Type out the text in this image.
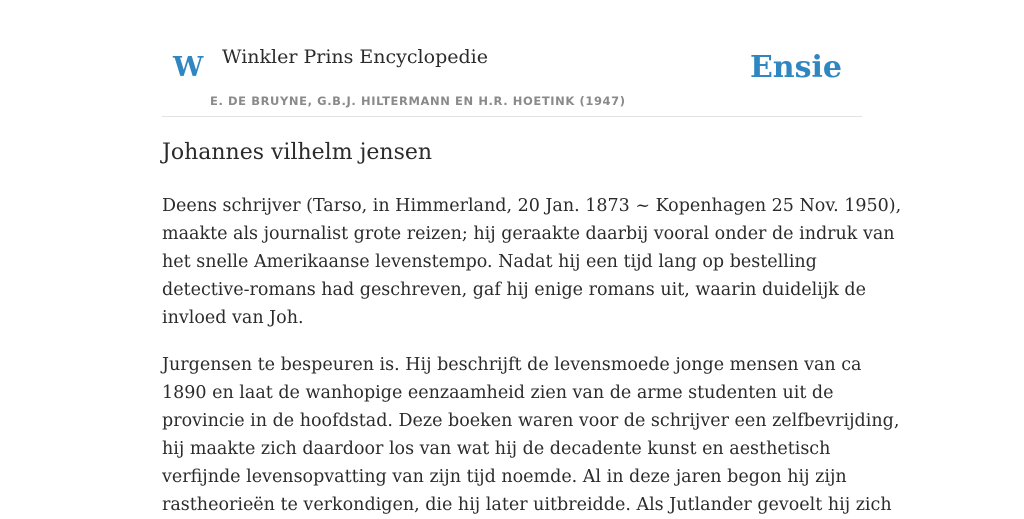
W Winkler Prins Encyclopedie
E. DE BRUYNE, G.B.J. HILTERMANN EN H.R. HOETINK (1947)
Ensie
Johannes vilhelm jensen

Deens schrijver (Tarso, in Himmerland, 20 Jan. 1873 ~ Kopenhagen 25 Nov. 1950),
maakte als journalist grote reizen; hij geraakte daarbij vooral onder de indruk van
het snelle Amerikaanse levenstempo. Nadat hij een tijd lang op bestelling
detective-romans had geschreven, gaf hij enige romans uit, waarin duidelijk de
invloed van Joh.

Jurgensen te bespeuren is. Hij beschrijft de levensmoede jonge mensen van ca
1890 en laat de wanhopige eenzaamheid zien van de arme studenten uit de
provincie in de hoofdstad. Deze boeken waren voor de schrijver een zelfbevrijding,
hij maakte zich daardoor los van wat hij de decadente kunst en aesthetisch
verfijnde levensopvatting van zijn tijd noemde. Al in deze jaren begon hij zijn
rastheorieën te verkondigen, die hij later uitbreidde. Als Jutlander gevoelt hij zich
